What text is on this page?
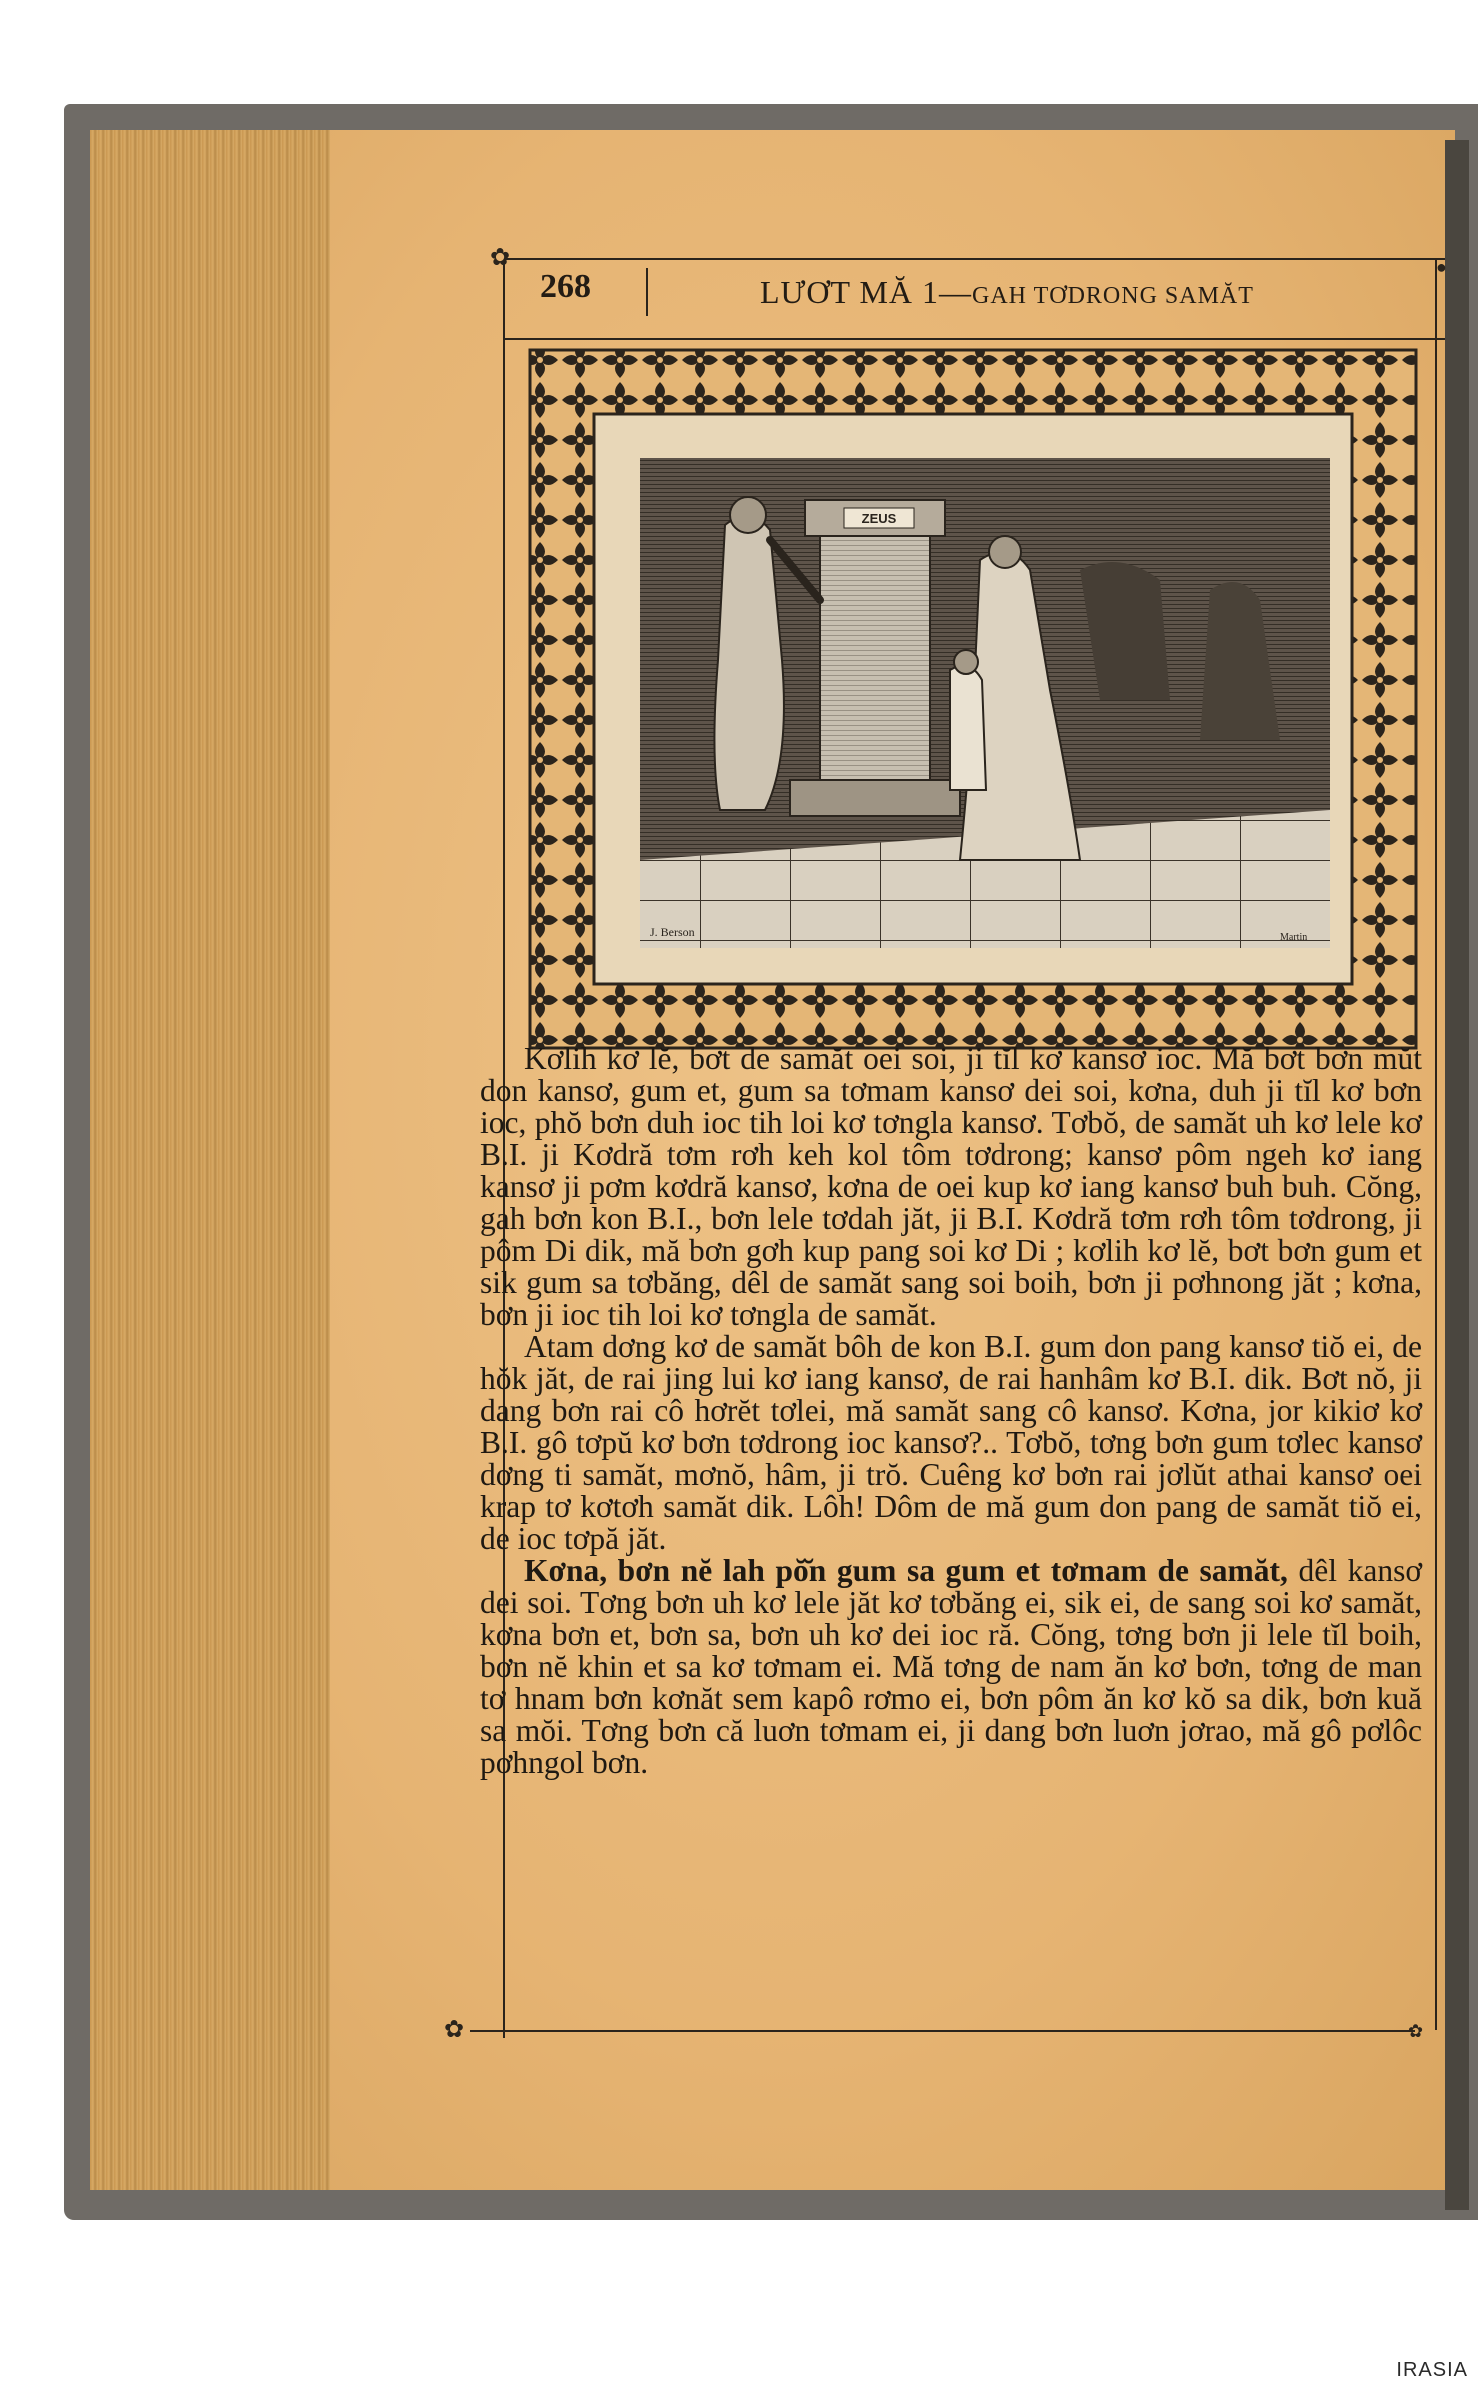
✿	●
✿	✿
268	LƯƠT MĂ 1—GAH TƠDRONG SAMĂT
ZEUS
J. Berson	Martin

Kơlih kơ lĕ, bơt de samăt oei soi, ji tĭl kơ kansơ ioc. Mă bơt bơn mŭt don kansơ, gum et, gum sa tơmam kansơ dei soi, kơna, duh ji tĭl kơ bơn ioc, phŏ bơn duh ioc tih loi kơ tơngla kansơ. Tơbŏ, de samăt uh kơ lele kơ B.I. ji Kơdră tơm rơh keh kol tôm tơdrong; kansơ pôm ngeh kơ iang kansơ ji pơm kơdră kansơ, kơna de oei kup kơ iang kansơ buh buh. Cŏng, gah bơn kon B.I., bơn lele tơdah jăt, ji B.I. Kơdră tơm rơh tôm tơdrong, ji pôm Di dik, mă bơn gơh kup pang soi kơ Di ; kơlih kơ lĕ, bơt bơn gum et sik gum sa tơbăng, dêl de samăt sang soi boih, bơn ji pơhnong jăt ; kơna, bơn ji ioc tih loi kơ tơngla de samăt.

Atam dơng kơ de samăt bôh de kon B.I. gum don pang kansơ tiŏ ei, de hŏk jăt, de rai jing lui kơ iang kansơ, de rai hanhâm kơ B.I. dik. Bơt nŏ, ji dang bơn rai cô hơrĕt tơlei, mă samăt sang cô kansơ. Kơna, jor kikiơ kơ B.I. gô tơpŭ kơ bơn tơdrong ioc kansơ?.. Tơbŏ, tơng bơn gum tơlec kansơ dơng ti samăt, mơnŏ, hâm, ji trŏ. Cuêng kơ bơn rai jơlŭt athai kansơ oei krap tơ kơtơh samăt dik. Lôh! Dôm de mă gum don pang de samăt tiŏ ei, de ioc tơpă jăt.

Kơna, bơn nĕ lah pŏ̆n gum sa gum et tơmam de samăt, dêl kansơ dei soi. Tơng bơn uh kơ lele jăt kơ tơbăng ei, sik ei, de sang soi kơ samăt, kơna bơn et, bơn sa, bơn uh kơ dei ioc ră. Cŏng, tơng bơn ji lele tĭl boih, bơn nĕ khin et sa kơ tơmam ei. Mă tơng de nam ăn kơ bơn, tơng de man tơ hnam bơn kơnăt sem kapô rơmo ei, bơn pôm ăn kơ kŏ sa dik, bơn kuă sa mŏi. Tơng bơn că luơn tơmam ei, ji dang bơn luơn jơrao, mă gô pơlôc pơhngol bơn.

IRASIA
